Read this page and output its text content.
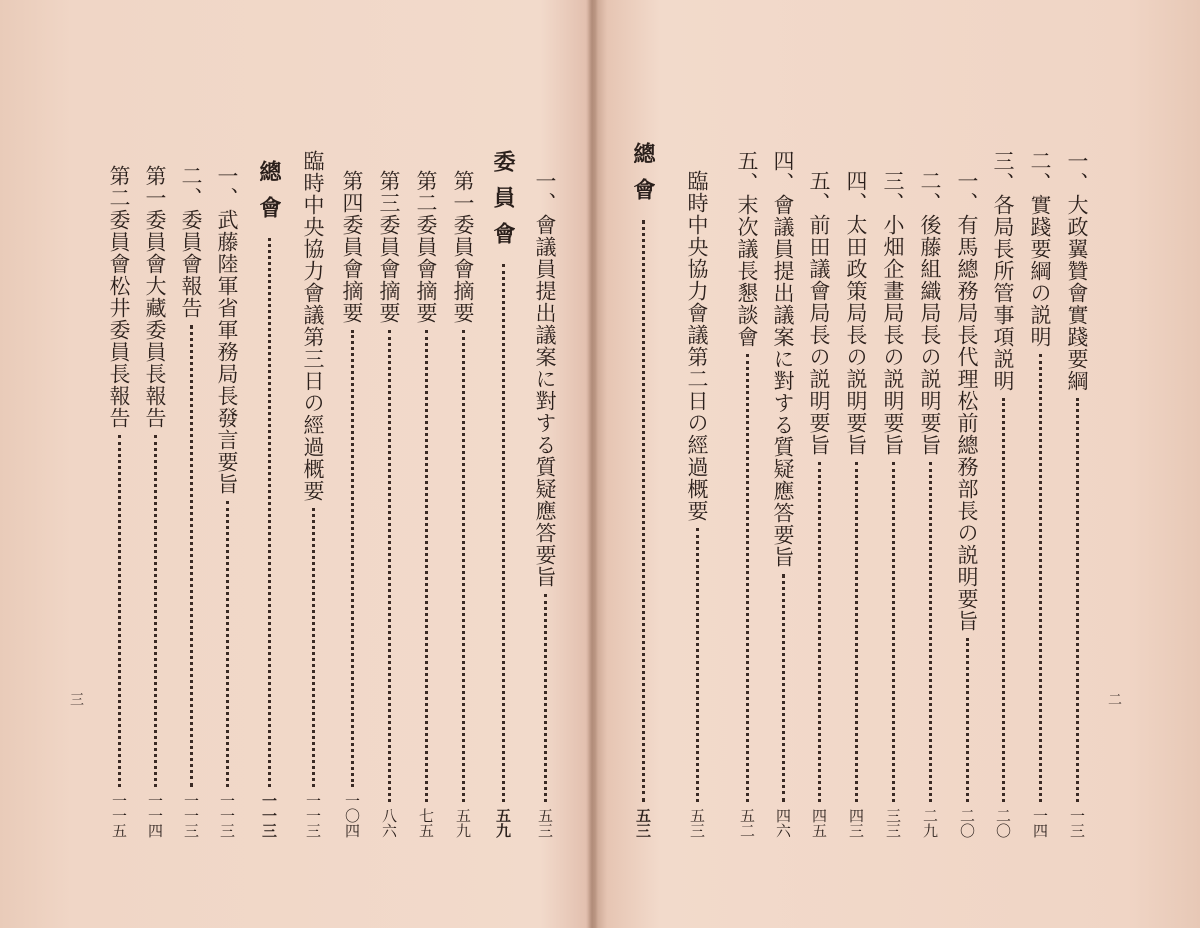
一、會議員提出議案に對する質疑應答要旨
五三
委員會
五九
第一委員會摘要
五九
第二委員會摘要
七五
第三委員會摘要
八六
第四委員會摘要
一〇四
臨時中央協力會議第三日の經過概要
一一三
總會
一一三
一、武藤陸軍省軍務局長發言要旨
一一三
二、委員會報告
一一三
第一委員會大藏委員長報告
一一四
第二委員會松井委員長報告
一一五
三
一、大政翼贊會實踐要綱
一三
二、實踐要綱の説明
一四
三、各局長所管事項説明
二〇
一、有馬總務局長代理松前總務部長の説明要旨
二〇
二、後藤組織局長の説明要旨
二九
三、小畑企畫局長の説明要旨
三三
四、太田政策局長の説明要旨
四三
五、前田議會局長の説明要旨
四五
四、會議員提出議案に對する質疑應答要旨
四六
五、末次議長懇談會
五二
臨時中央協力會議第二日の經過概要
五三
總會
五三
二
